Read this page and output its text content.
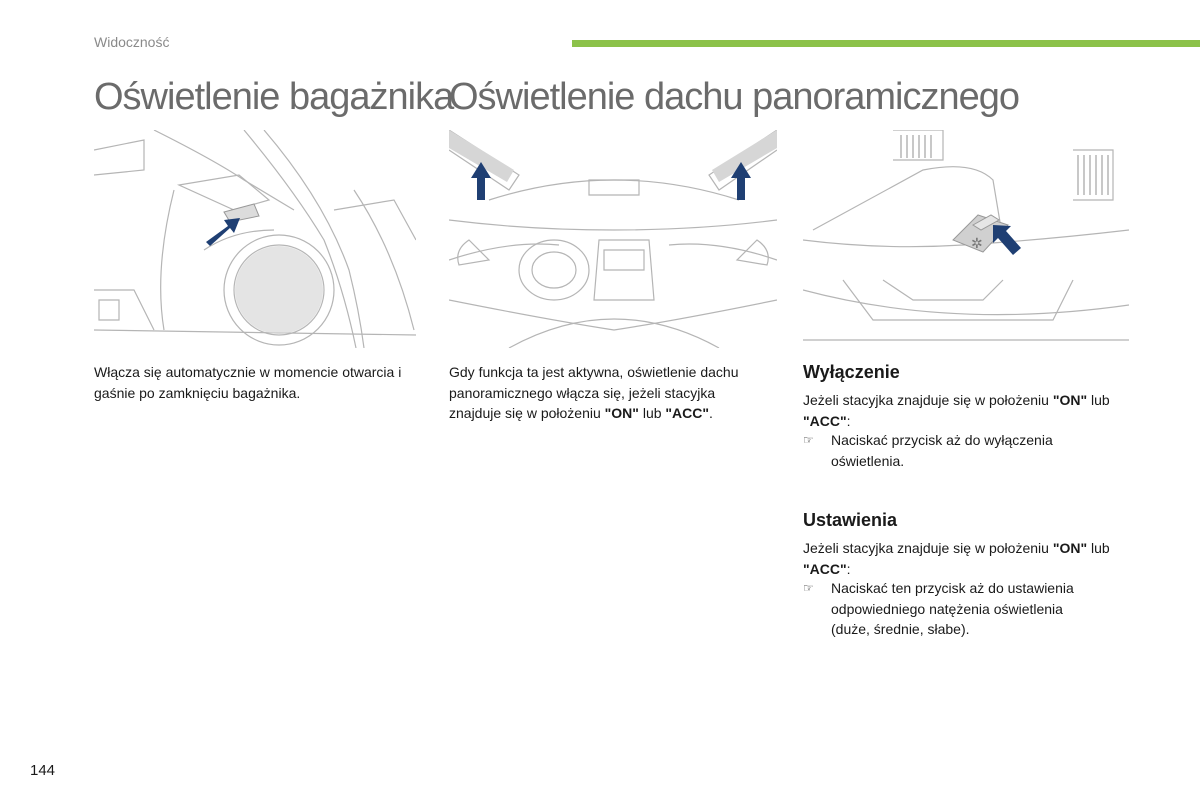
Widoczność
Oświetlenie bagażnika
Oświetlenie dachu panoramicznego
✲
Włącza się automatycznie w momencie otwarcia i gaśnie po zamknięciu bagażnika.
Gdy funkcja ta jest aktywna, oświetlenie dachu panoramicznego włącza się, jeżeli stacyjka znajduje się w położeniu "ON" lub "ACC".
Wyłączenie
Jeżeli stacyjka znajduje się w położeniu "ON" lub "ACC":
☞ Naciskać przycisk aż do wyłączenia oświetlenia.
Ustawienia
Jeżeli stacyjka znajduje się w położeniu "ON" lub "ACC":
☞ Naciskać ten przycisk aż do ustawienia odpowiedniego natężenia oświetlenia (duże, średnie, słabe).
144
